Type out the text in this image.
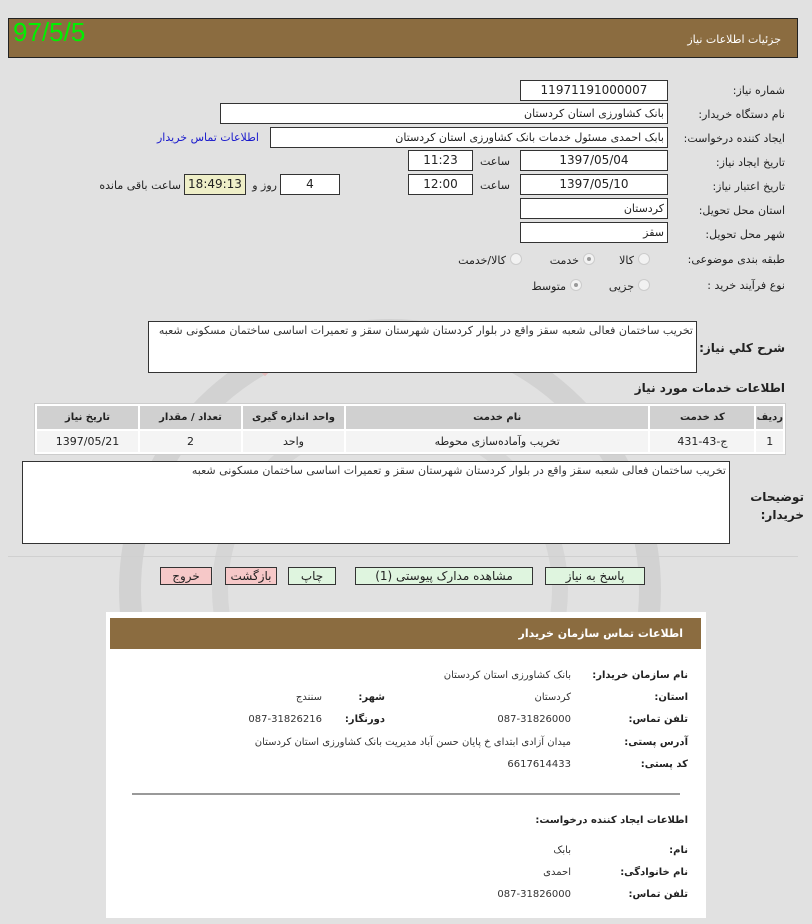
97/5/5	جزئیات اطلاعات نیاز
شماره نیاز:
11971191000007
نام دستگاه خریدار:
بانک کشاورزی استان کردستان
ایجاد کننده درخواست:
بابک احمدی مسئول خدمات بانک کشاورزی استان کردستان
اطلاعات تماس خریدار
تاریخ ایجاد نیاز:
1397/05/04
ساعت
11:23
تاریخ اعتبار نیاز:
1397/05/10
ساعت
12:00
4
روز و
18:49:13
ساعت باقی مانده
استان محل تحویل:
کردستان
شهر محل تحویل:
سقز
طبقه بندی موضوعی:
کالا
خدمت
کالا/خدمت
نوع فرآیند خرید :
جزیی
متوسط
شرح کلي نياز:
تخریب ساختمان فعالی شعبه سقز واقع در بلوار کردستان شهرستان سقز و تعمیرات اساسی ساختمان مسکونی شعبه
اطلاعات خدمات مورد نیاز
تاریخ نیاز	تعداد / مقدار	واحد اندازه گیری	نام خدمت	کد خدمت	ردیف
1397/05/21	2	واحد	تخریب وآماده‌سازی محوطه	ج-43-431	1
توضیحات خریدار:
تخریب ساختمان فعالی شعبه سقز واقع در بلوار کردستان شهرستان سقز و تعمیرات اساسی ساختمان مسکونی شعبه
پاسخ به نیاز
مشاهده مدارک پیوستی (1)
چاپ
بازگشت
خروج
اطلاعات تماس سازمان خریدار
نام سازمان خریدار:
بانک کشاورزی استان کردستان
استان:
کردستان
شهر:
سنندج
تلفن تماس:
087-31826000
دورنگار:
087-31826216
آدرس پستی:
میدان آزادی ابتدای خ پایان حسن آباد مدیریت بانک کشاورزی استان کردستان
کد پستی:
6617614433
اطلاعات ایجاد کننده درخواست:
نام:
بابک
نام خانوادگی:
احمدی
تلفن تماس:
087-31826000
